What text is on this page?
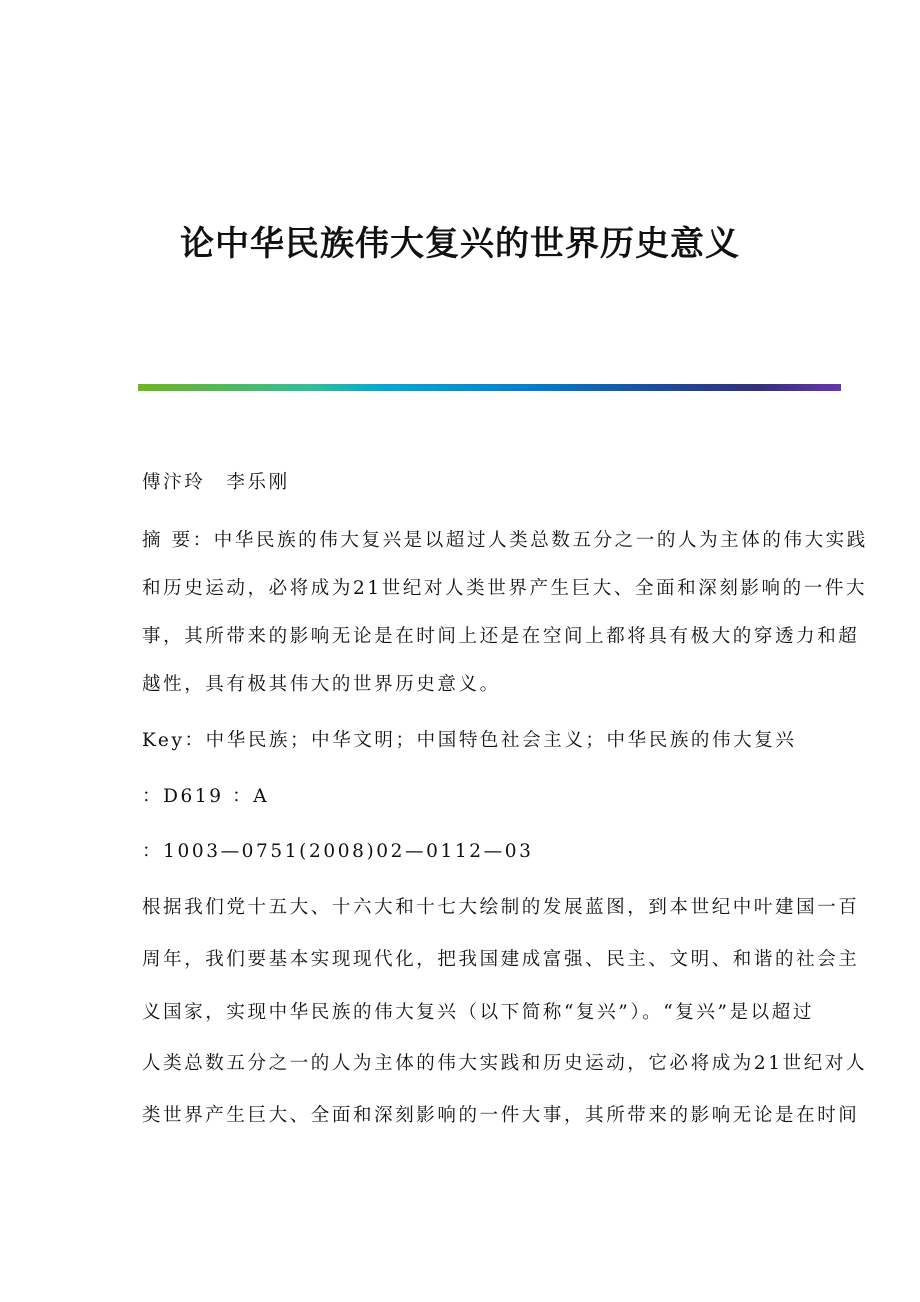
论中华民族伟大复兴的世界历史意义
傅汴玲　李乐刚
摘 要：中华民族的伟大复兴是以超过人类总数五分之一的人为主体的伟大实践
和历史运动，必将成为21世纪对人类世界产生巨大、全面和深刻影响的一件大
事，其所带来的影响无论是在时间上还是在空间上都将具有极大的穿透力和超
越性，具有极其伟大的世界历史意义。
Key：中华民族；中华文明；中国特色社会主义；中华民族的伟大复兴
：D619 ：A
：1003—0751(2008)02—0112—03
根据我们党十五大、十六大和十七大绘制的发展蓝图，到本世纪中叶建国一百
周年，我们要基本实现现代化，把我国建成富强、民主、文明、和谐的社会主
义国家，实现中华民族的伟大复兴（以下简称“复兴”）。“复兴”是以超过
人类总数五分之一的人为主体的伟大实践和历史运动，它必将成为21世纪对人
类世界产生巨大、全面和深刻影响的一件大事，其所带来的影响无论是在时间
